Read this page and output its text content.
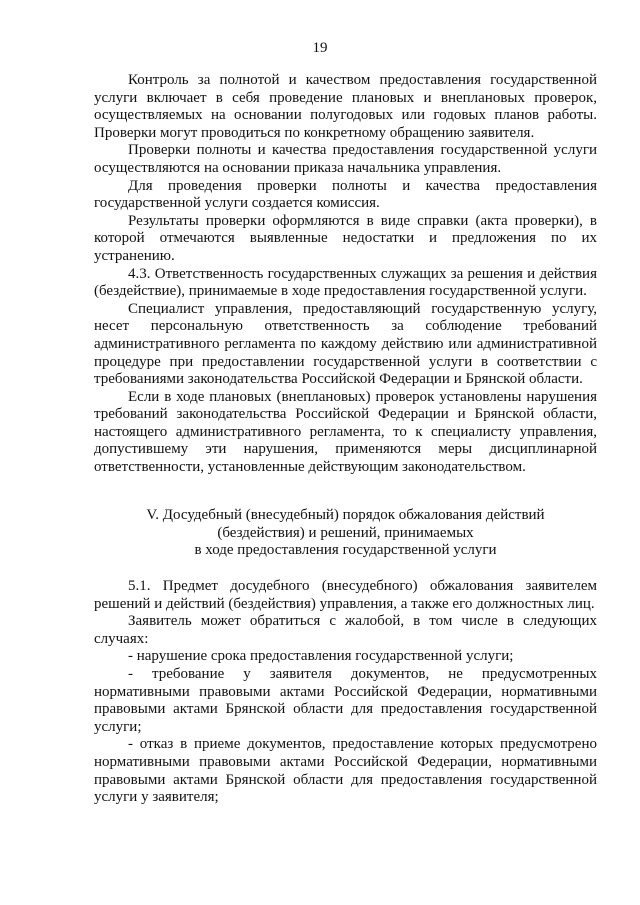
19

Контроль за полнотой и качеством предоставления государственной услуги включает в себя проведение плановых и внеплановых проверок, осуществляемых на основании полугодовых или годовых планов работы. Проверки могут проводиться по конкретному обращению заявителя.

Проверки полноты и качества предоставления государственной услуги осуществляются на основании приказа начальника управления.

Для проведения проверки полноты и качества предоставления государственной услуги создается комиссия.

Результаты проверки оформляются в виде справки (акта проверки), в которой отмечаются выявленные недостатки и предложения по их устранению.

4.3. Ответственность государственных служащих за решения и действия (бездействие), принимаемые в ходе предоставления государственной услуги.

Специалист управления, предоставляющий государственную услугу, несет персональную ответственность за соблюдение требований административного регламента по каждому действию или административной процедуре при предоставлении государственной услуги в соответствии с требованиями законодательства Российской Федерации и Брянской области.

Если в ходе плановых (внеплановых) проверок установлены нарушения требований законодательства Российской Федерации и Брянской области, настоящего административного регламента, то к специалисту управления, допустившему эти нарушения, применяются меры дисциплинарной ответственности, установленные действующим законодательством.

V. Досудебный (внесудебный) порядок обжалования действий
(бездействия) и решений, принимаемых
в ходе предоставления государственной услуги

5.1. Предмет досудебного (внесудебного) обжалования заявителем решений и действий (бездействия) управления, а также его должностных лиц.

Заявитель может обратиться с жалобой, в том числе в следующих случаях:

- нарушение срока предоставления государственной услуги;

- требование у заявителя документов, не предусмотренных нормативными правовыми актами Российской Федерации, нормативными правовыми актами Брянской области для предоставления государственной услуги;

- отказ в приеме документов, предоставление которых предусмотрено нормативными правовыми актами Российской Федерации, нормативными правовыми актами Брянской области для предоставления государственной услуги у заявителя;
